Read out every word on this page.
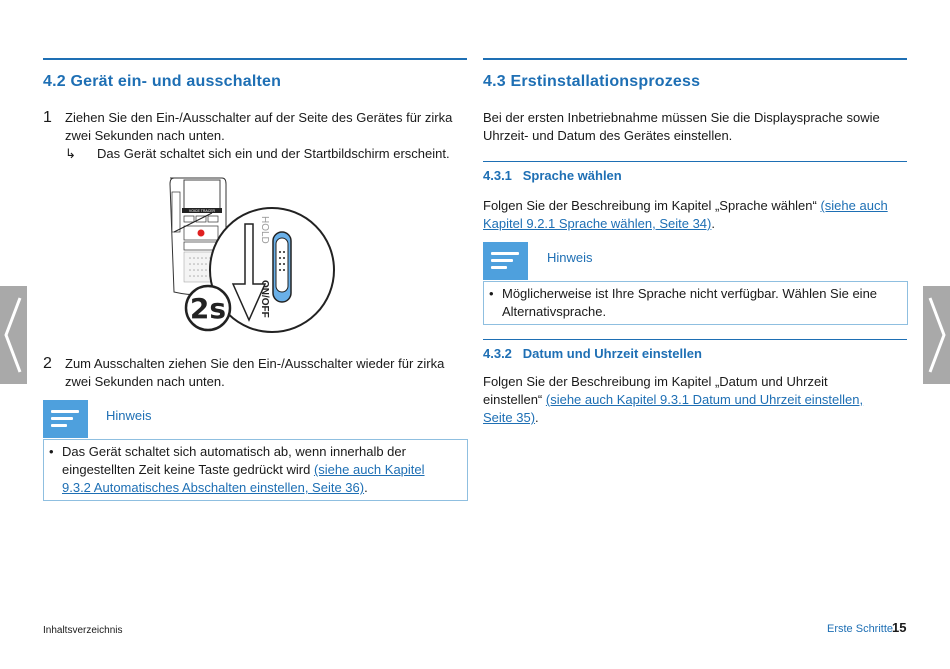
4.2 Gerät ein- und ausschalten
1 Ziehen Sie den Ein-/Ausschalter auf der Seite des Gerätes für zirka
zwei Sekunden nach unten.
↳ Das Gerät schaltet sich ein und der Startbildschirm erscheint.
VOICE TRACER
HOLD
ON/OFF
2s
2 Zum Ausschalten ziehen Sie den Ein-/Ausschalter wieder für zirka
zwei Sekunden nach unten.
Hinweis
• Das Gerät schaltet sich automatisch ab, wenn innerhalb der
eingestellten Zeit keine Taste gedrückt wird (siehe auch Kapitel
9.3.2 Automatisches Abschalten einstellen, Seite 36).
4.3 Erstinstallationsprozess
Bei der ersten Inbetriebnahme müssen Sie die Displaysprache sowie
Uhrzeit- und Datum des Gerätes einstellen.
4.3.1   Sprache wählen
Folgen Sie der Beschreibung im Kapitel „Sprache wählen“ (siehe auch
Kapitel 9.2.1 Sprache wählen, Seite 34).
Hinweis
• Möglicherweise ist Ihre Sprache nicht verfügbar. Wählen Sie eine
Alternativsprache.
4.3.2   Datum und Uhrzeit einstellen
Folgen Sie der Beschreibung im Kapitel „Datum und Uhrzeit
einstellen“ (siehe auch Kapitel 9.3.1 Datum und Uhrzeit einstellen,
Seite 35).
Inhaltsverzeichnis	Erste Schritte
15
